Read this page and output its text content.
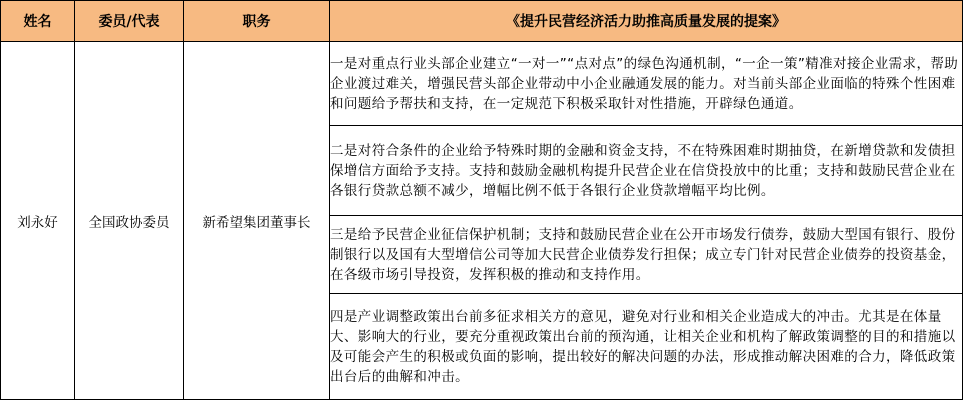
姓名	委员/代表	职务	《提升民营经济活力助推高质量发展的提案》
刘永好	全国政协委员	新希望集团董事长	一是对重点行业头部企业建立“一对一”“点对点”的绿色沟通机制，“一企一策”精准对接企业需求，帮助企业渡过难关，增强民营头部企业带动中小企业融通发展的能力。对当前头部企业面临的特殊个性困难和问题给予帮扶和支持，在一定规范下积极采取针对性措施，开辟绿色通道。

			二是对符合条件的企业给予特殊时期的金融和资金支持，不在特殊困难时期抽贷，在新增贷款和发债担保增信方面给予支持。支持和鼓励金融机构提升民营企业在信贷投放中的比重；支持和鼓励民营企业在各银行贷款总额不减少，增幅比例不低于各银行企业贷款增幅平均比例。

			三是给予民营企业征信保护机制；支持和鼓励民营企业在公开市场发行债券，鼓励大型国有银行、股份制银行以及国有大型增信公司等加大民营企业债券发行担保；成立专门针对民营企业债券的投资基金，在各级市场引导投资，发挥积极的推动和支持作用。

			四是产业调整政策出台前多征求相关方的意见，避免对行业和相关企业造成大的冲击。尤其是在体量大、影响大的行业，要充分重视政策出台前的预沟通，让相关企业和机构了解政策调整的目的和措施以及可能会产生的积极或负面的影响，提出较好的解决问题的办法，形成推动解决困难的合力，降低政策出台后的曲解和冲击。
